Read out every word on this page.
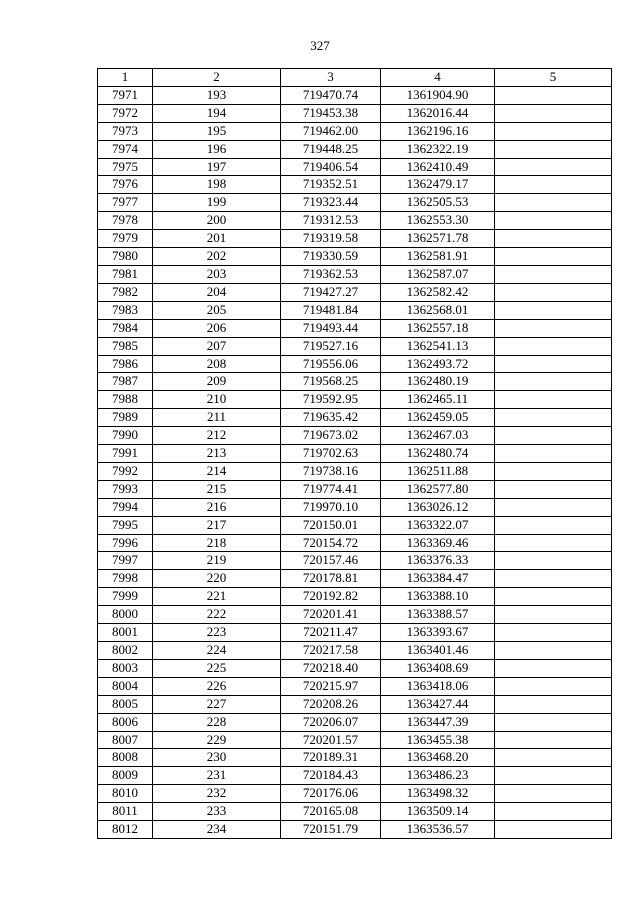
327
1	2	3	4	5
7971	193	719470.74	1361904.90	
7972	194	719453.38	1362016.44	
7973	195	719462.00	1362196.16	
7974	196	719448.25	1362322.19	
7975	197	719406.54	1362410.49	
7976	198	719352.51	1362479.17	
7977	199	719323.44	1362505.53	
7978	200	719312.53	1362553.30	
7979	201	719319.58	1362571.78	
7980	202	719330.59	1362581.91	
7981	203	719362.53	1362587.07	
7982	204	719427.27	1362582.42	
7983	205	719481.84	1362568.01	
7984	206	719493.44	1362557.18	
7985	207	719527.16	1362541.13	
7986	208	719556.06	1362493.72	
7987	209	719568.25	1362480.19	
7988	210	719592.95	1362465.11	
7989	211	719635.42	1362459.05	
7990	212	719673.02	1362467.03	
7991	213	719702.63	1362480.74	
7992	214	719738.16	1362511.88	
7993	215	719774.41	1362577.80	
7994	216	719970.10	1363026.12	
7995	217	720150.01	1363322.07	
7996	218	720154.72	1363369.46	
7997	219	720157.46	1363376.33	
7998	220	720178.81	1363384.47	
7999	221	720192.82	1363388.10	
8000	222	720201.41	1363388.57	
8001	223	720211.47	1363393.67	
8002	224	720217.58	1363401.46	
8003	225	720218.40	1363408.69	
8004	226	720215.97	1363418.06	
8005	227	720208.26	1363427.44	
8006	228	720206.07	1363447.39	
8007	229	720201.57	1363455.38	
8008	230	720189.31	1363468.20	
8009	231	720184.43	1363486.23	
8010	232	720176.06	1363498.32	
8011	233	720165.08	1363509.14	
8012	234	720151.79	1363536.57	
